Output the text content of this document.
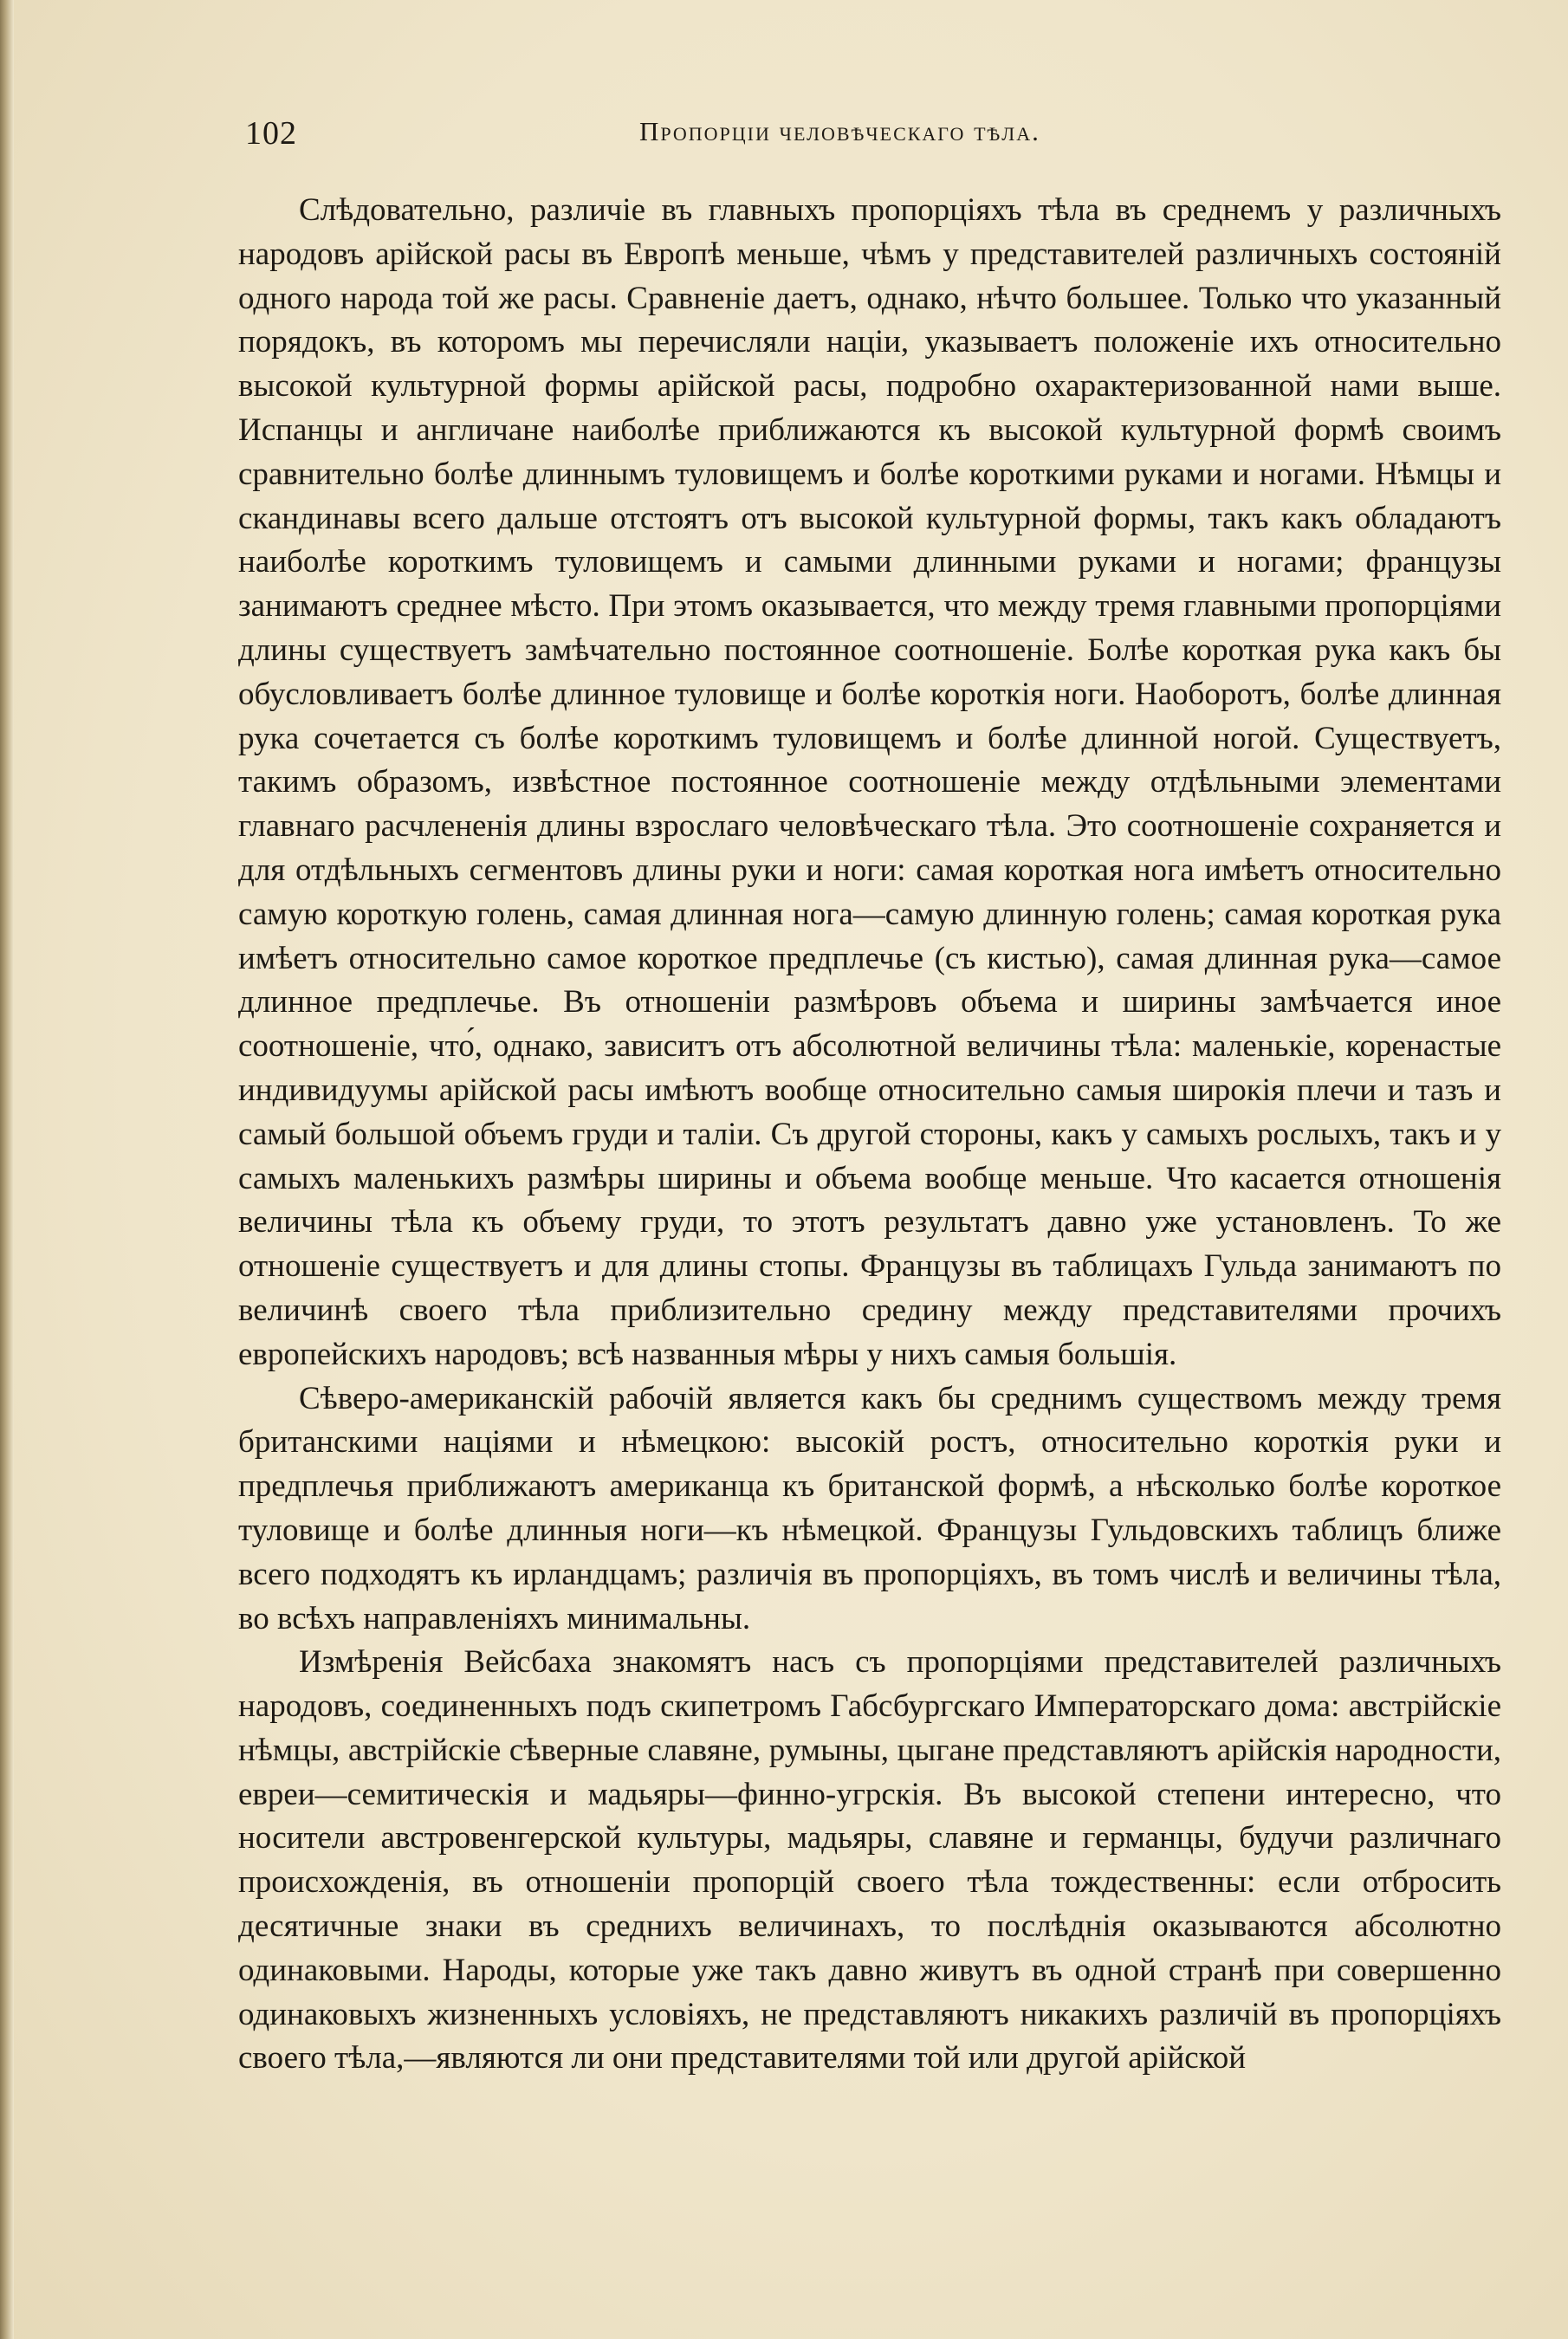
102	Пропорціи человѣческаго тѣла.

Слѣдовательно, различіе въ главныхъ пропорціяхъ тѣла въ среднемъ у различныхъ народовъ арійской расы въ Европѣ меньше, чѣмъ у представителей различныхъ состояній одного народа той же расы. Сравненіе даетъ, однако, нѣчто большее. Только что указанный порядокъ, въ которомъ мы перечисляли націи, указываетъ положеніе ихъ относительно высокой культурной формы арійской расы, подробно охарактеризованной нами выше. Испанцы и англичане наиболѣе приближаются къ высокой культурной формѣ своимъ сравнительно болѣе длиннымъ туловищемъ и болѣе короткими руками и ногами. Нѣмцы и скандинавы всего дальше отстоятъ отъ высокой культурной формы, такъ какъ обладаютъ наиболѣе короткимъ туловищемъ и самыми длинными руками и ногами; французы занимаютъ среднее мѣсто. При этомъ оказывается, что между тремя главными пропорціями длины существуетъ замѣчательно постоянное соотношеніе. Болѣе короткая рука какъ бы обусловливаетъ болѣе длинное туловище и болѣе короткія ноги. Наоборотъ, болѣе длинная рука сочетается съ болѣе короткимъ туловищемъ и болѣе длинной ногой. Существуетъ, такимъ образомъ, извѣстное постоянное соотношеніе между отдѣльными элементами главнаго расчлененія длины взрослаго человѣческаго тѣла. Это соотношеніе сохраняется и для отдѣльныхъ сегментовъ длины руки и ноги: самая короткая нога имѣетъ относительно самую короткую голень, самая длинная нога—самую длинную голень; самая короткая рука имѣетъ относительно самое короткое предплечье (съ кистью), самая длинная рука—самое длинное предплечье. Въ отношеніи размѣровъ объема и ширины замѣчается иное соотношеніе, что́, однако, зависитъ отъ абсолютной величины тѣла: маленькіе, коренастые индивидуумы арійской расы имѣютъ вообще относительно самыя широкія плечи и тазъ и самый большой объемъ груди и таліи. Съ другой стороны, какъ у самыхъ рослыхъ, такъ и у самыхъ маленькихъ размѣры ширины и объема вообще меньше. Что касается отношенія величины тѣла къ объему груди, то этотъ результатъ давно уже установленъ. То же отношеніе существуетъ и для длины стопы. Французы въ таблицахъ Гульда занимаютъ по величинѣ своего тѣла приблизительно средину между представителями прочихъ европейскихъ народовъ; всѣ названныя мѣры у нихъ самыя большія.

Сѣверо-американскій рабочій является какъ бы среднимъ существомъ между тремя британскими націями и нѣмецкою: высокій ростъ, относительно короткія руки и предплечья приближаютъ американца къ британской формѣ, а нѣсколько болѣе короткое туловище и болѣе длинныя ноги—къ нѣмецкой. Французы Гульдовскихъ таблицъ ближе всего подходятъ къ ирландцамъ; различія въ пропорціяхъ, въ томъ числѣ и величины тѣла, во всѣхъ направленіяхъ минимальны.

Измѣренія Вейсбаха знакомятъ насъ съ пропорціями представителей различныхъ народовъ, соединенныхъ подъ скипетромъ Габсбургскаго Императорскаго дома: австрійскіе нѣмцы, австрійскіе сѣверные славяне, румыны, цыгане представляютъ арійскія народности, евреи—семитическія и мадьяры—финно-угрскія. Въ высокой степени интересно, что носители австровенгерской культуры, мадьяры, славяне и германцы, будучи различнаго происхожденія, въ отношеніи пропорцій своего тѣла тождественны: если отбросить десятичные знаки въ среднихъ величинахъ, то послѣднія оказываются абсолютно одинаковыми. Народы, которые уже такъ давно живутъ въ одной странѣ при совершенно одинаковыхъ жизненныхъ условіяхъ, не представляютъ никакихъ различій въ пропорціяхъ своего тѣла,—являются ли они представителями той или другой арійской
